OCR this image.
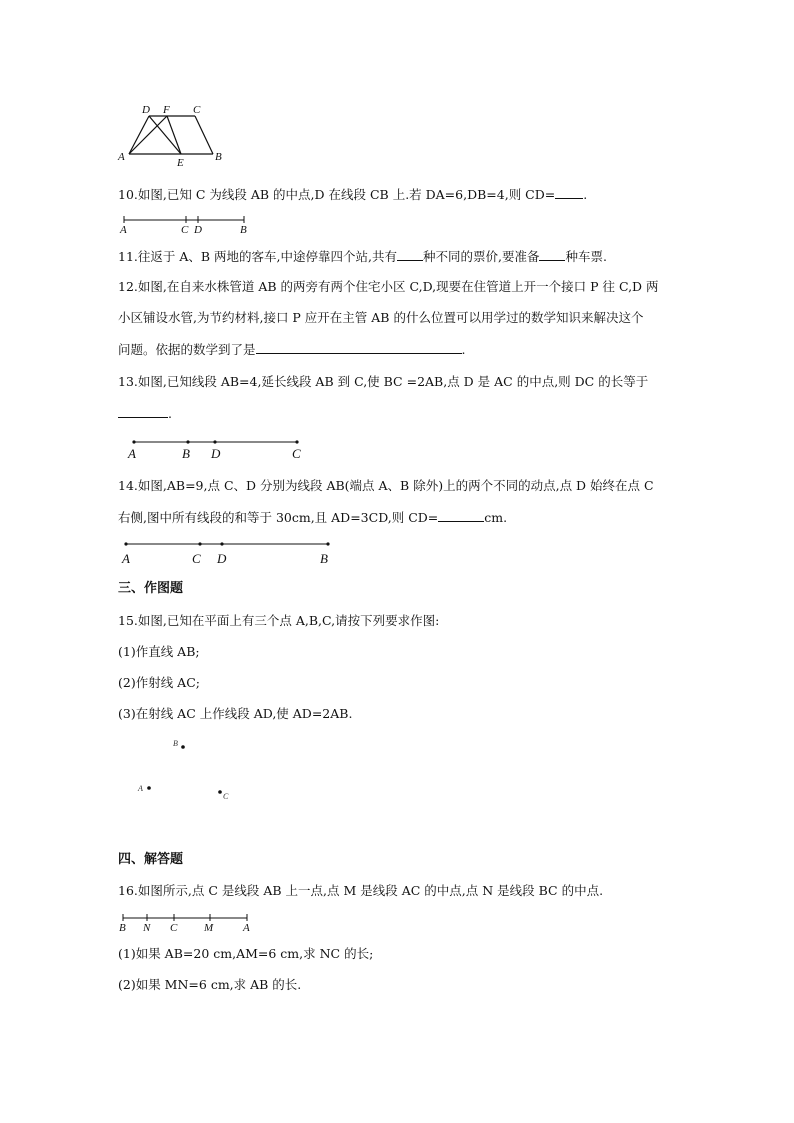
D F C
A	E	B
10.如图,已知 C 为线段 AB 的中点,D 在线段 CB 上.若 DA=6,DB=4,则 CD= .
A	C D	B
11.往返于 A、B 两地的客车,中途停靠四个站,共有 种不同的票价,要准备 种车票.
12.如图,在自来水株管道 AB 的两旁有两个住宅小区 C,D,现要在住管道上开一个接口 P 往 C,D 两
小区铺设水管,为节约材料,接口 P 应开在主管 AB 的什么位置可以用学过的数学知识来解决这个
问题。依据的数学到了是	.
13.如图,已知线段 AB=4,延长线段 AB 到 C,使 BC =2AB,点 D 是 AC 的中点,则 DC 的长等于
.
A	B D	C
14.如图,AB=9,点 C、D 分别为线段 AB(端点 A、B 除外)上的两个不同的动点,点 D 始终在点 C
右侧,图中所有线段的和等于 30cm,且 AD=3CD,则 CD=	cm.
A	C D	B
三、作图题
15.如图,已知在平面上有三个点 A,B,C,请按下列要求作图:
(1)作直线 AB;
(2)作射线 AC;
(3)在射线 AC 上作线段 AD,使 AD=2AB.
B
A
C
四、解答题
16.如图所示,点 C 是线段 AB 上一点,点 M 是线段 AC 的中点,点 N 是线段 BC 的中点.
B N C M	A
(1)如果 AB=20 cm,AM=6 cm,求 NC 的长;
(2)如果 MN=6 cm,求 AB 的长.
